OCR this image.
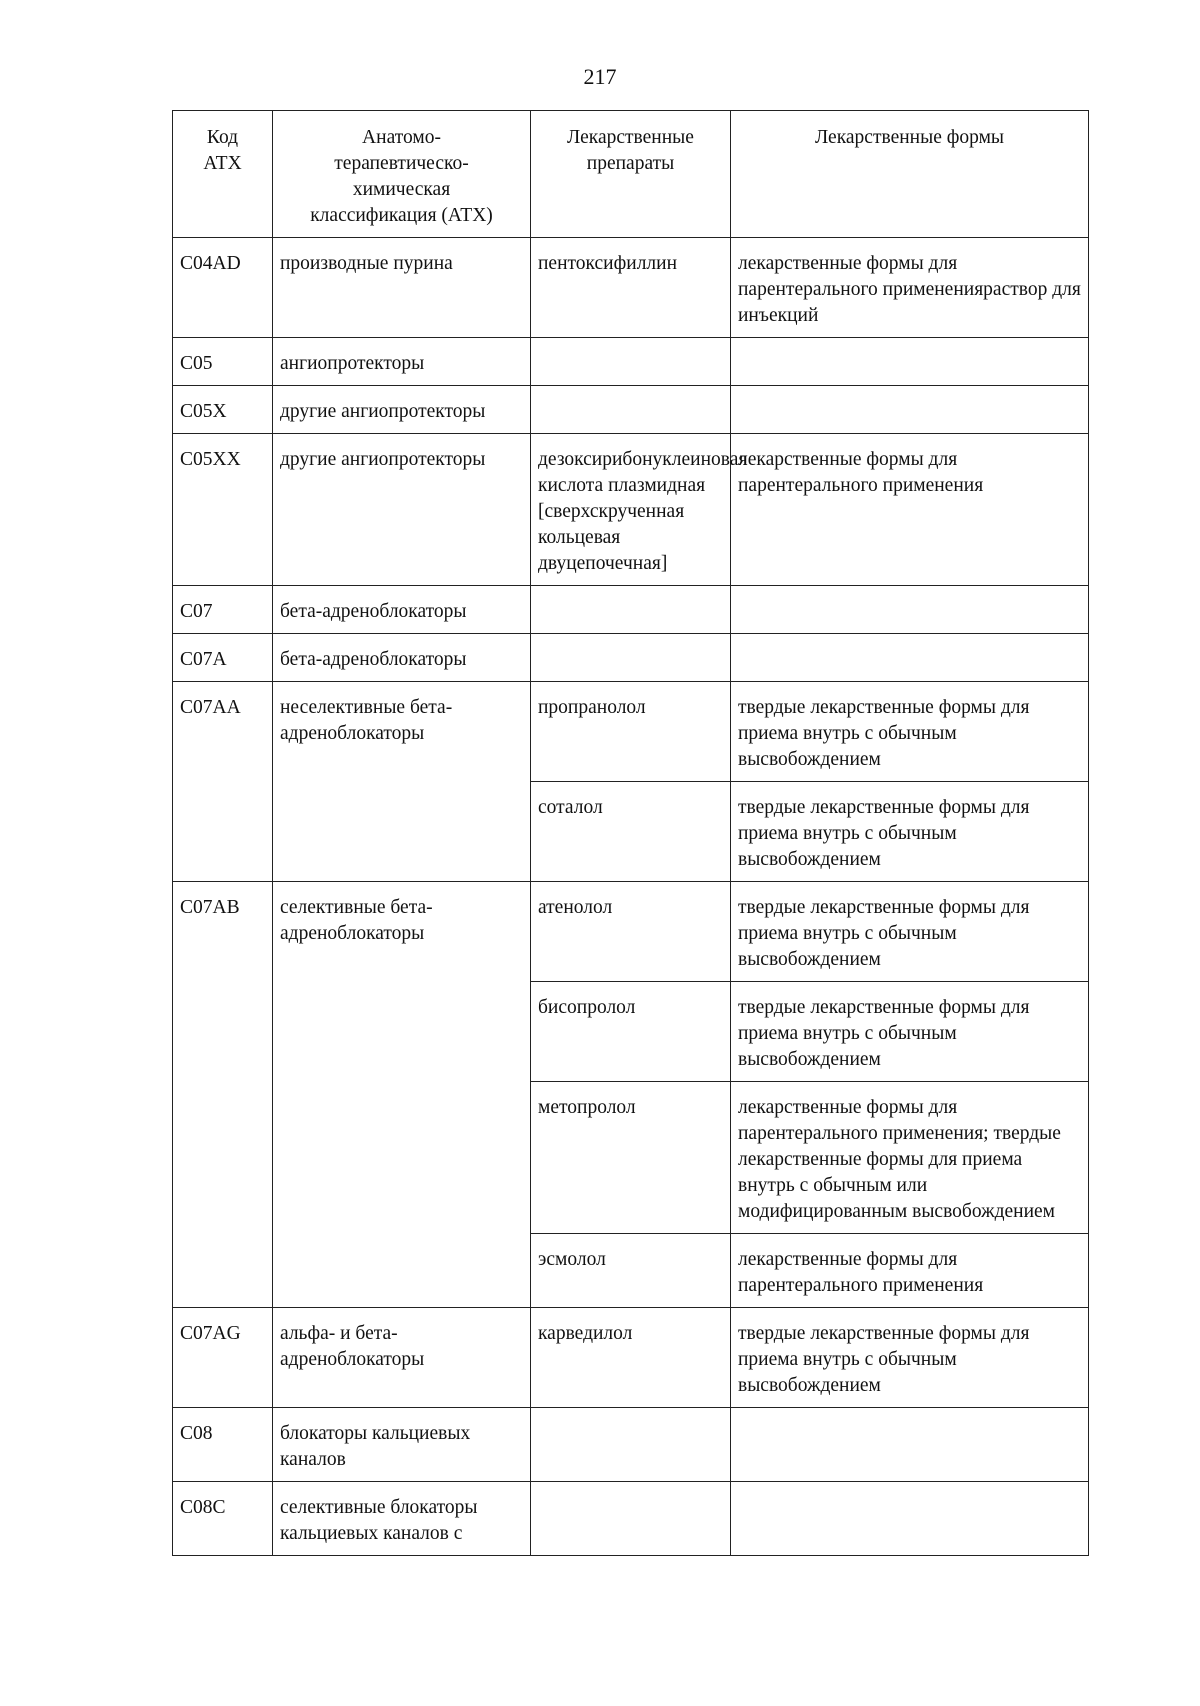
217
Код АТХ	Анатомо-терапевтическо-химическая классификация (АТХ)	Лекарственные препараты	Лекарственные формы
C04AD	производные пурина	пентоксифиллин	лекарственные формы для парентерального примененияраствор для инъекций
C05	ангиопротекторы		
C05X	другие ангиопротекторы		
C05XX	другие ангиопротекторы	дезоксирибонуклеиновая кислота плазмидная [сверхскрученная кольцевая двуцепочечная]	лекарственные формы для парентерального применения
C07	бета-адреноблокаторы		
C07A	бета-адреноблокаторы		
C07AA	неселективные бета-адреноблокаторы	пропранолол	твердые лекарственные формы для приема внутрь с обычным высвобождением
		соталол	твердые лекарственные формы для приема внутрь с обычным высвобождением
C07AB	селективные бета-адреноблокаторы	атенолол	твердые лекарственные формы для приема внутрь с обычным высвобождением
		бисопролол	твердые лекарственные формы для приема внутрь с обычным высвобождением
		метопролол	лекарственные формы для парентерального применения; твердые лекарственные формы для приема внутрь с обычным или модифицированным высвобождением
		эсмолол	лекарственные формы для парентерального применения
C07AG	альфа- и бета-адреноблокаторы	карведилол	твердые лекарственные формы для приема внутрь с обычным высвобождением
C08	блокаторы кальциевых каналов		
C08C	селективные блокаторы кальциевых каналов с		
